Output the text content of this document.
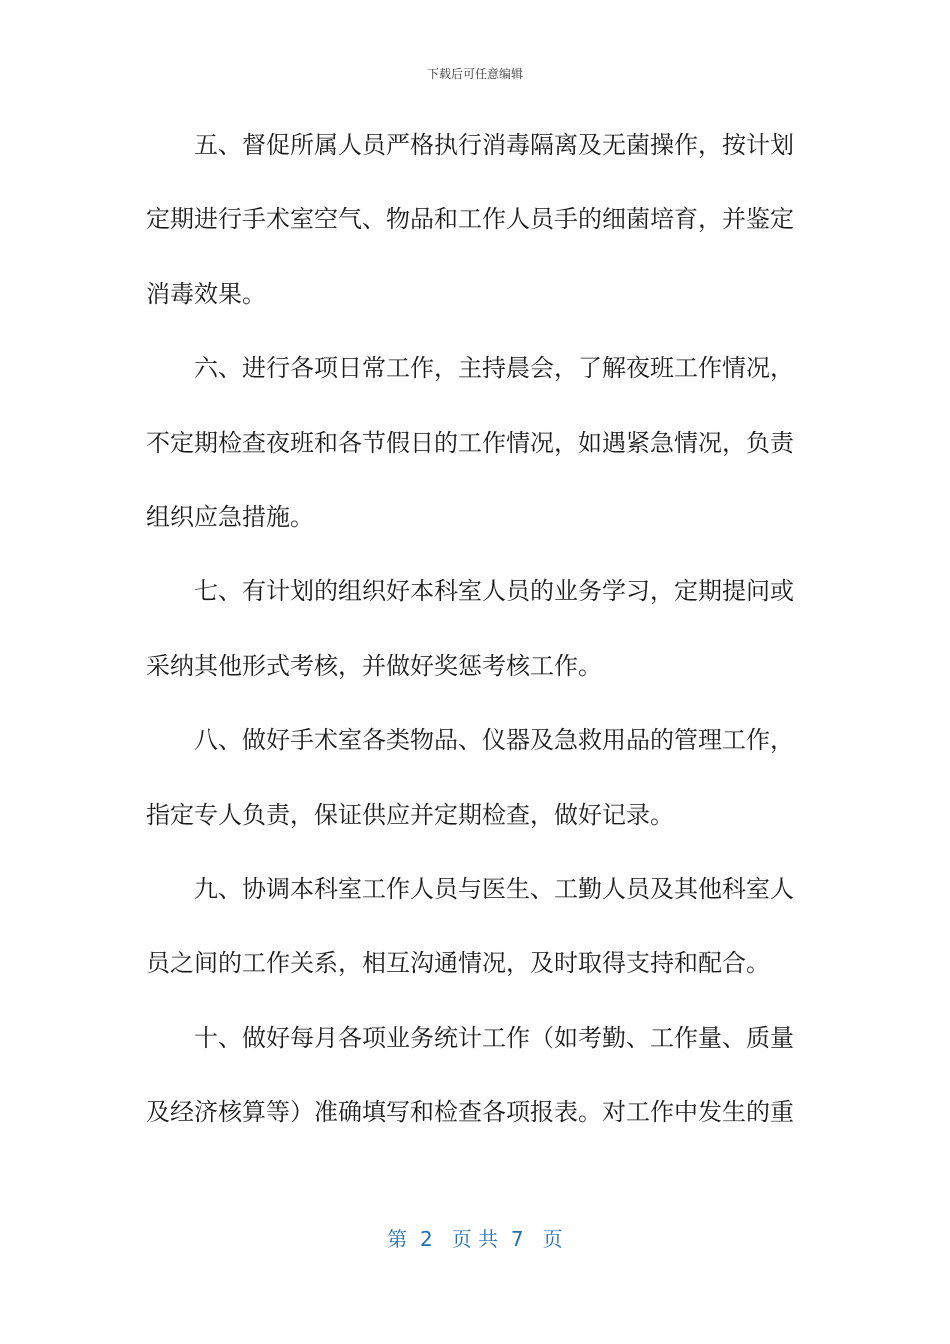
下载后可任意编辑
五、督促所属人员严格执行消毒隔离及无菌操作，按计划
定期进行手术室空气、物品和工作人员手的细菌培育，并鉴定
消毒效果。
六、进行各项日常工作，主持晨会，了解夜班工作情况，
不定期检查夜班和各节假日的工作情况，如遇紧急情况，负责
组织应急措施。
七、有计划的组织好本科室人员的业务学习，定期提问或
采纳其他形式考核，并做好奖惩考核工作。
八、做好手术室各类物品、仪器及急救用品的管理工作，
指定专人负责，保证供应并定期检查，做好记录。
九、协调本科室工作人员与医生、工勤人员及其他科室人
员之间的工作关系，相互沟通情况，及时取得支持和配合。
十、做好每月各项业务统计工作（如考勤、工作量、质量
及经济核算等）准确填写和检查各项报表。对工作中发生的重
第  2   页 共  7   页
